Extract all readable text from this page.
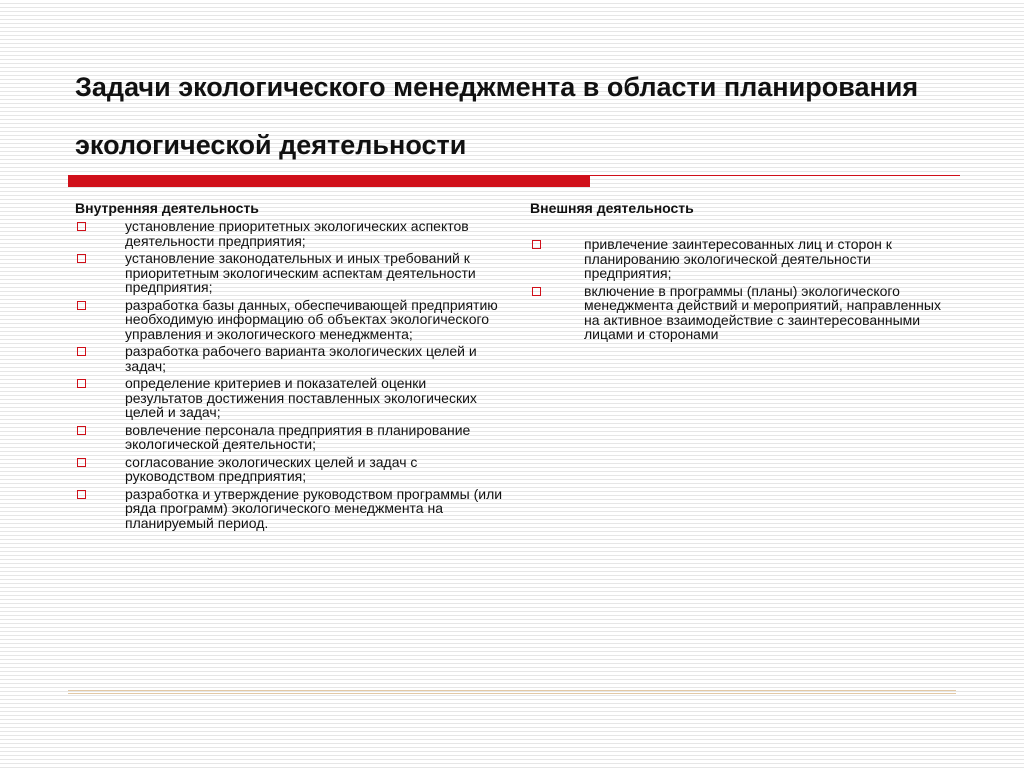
Задачи экологического менеджмента в области планирования экологической деятельности
Внутренняя деятельность
установление приоритетных экологических аспектов деятельности предприятия;
установление законодательных и иных требований к приоритетным экологическим аспектам деятельности предприятия;
разработка базы данных, обеспечивающей предприятию необходимую информацию об объектах экологического управления и экологического менеджмента;
разработка рабочего варианта экологических целей и задач;
определение критериев и показателей оценки результатов достижения поставленных экологических целей и задач;
вовлечение персонала предприятия в планирование экологической деятельности;
согласование экологических целей и задач с руководством предприятия;
разработка и утверждение руководством программы (или ряда программ) экологического менеджмента на планируемый период.
Внешняя деятельность
привлечение заинтересованных лиц и сторон к планированию экологической деятельности предприятия;
включение в программы (планы) экологического менеджмента действий и мероприятий, направленных на активное взаимодействие с заинтересованными лицами и сторонами
